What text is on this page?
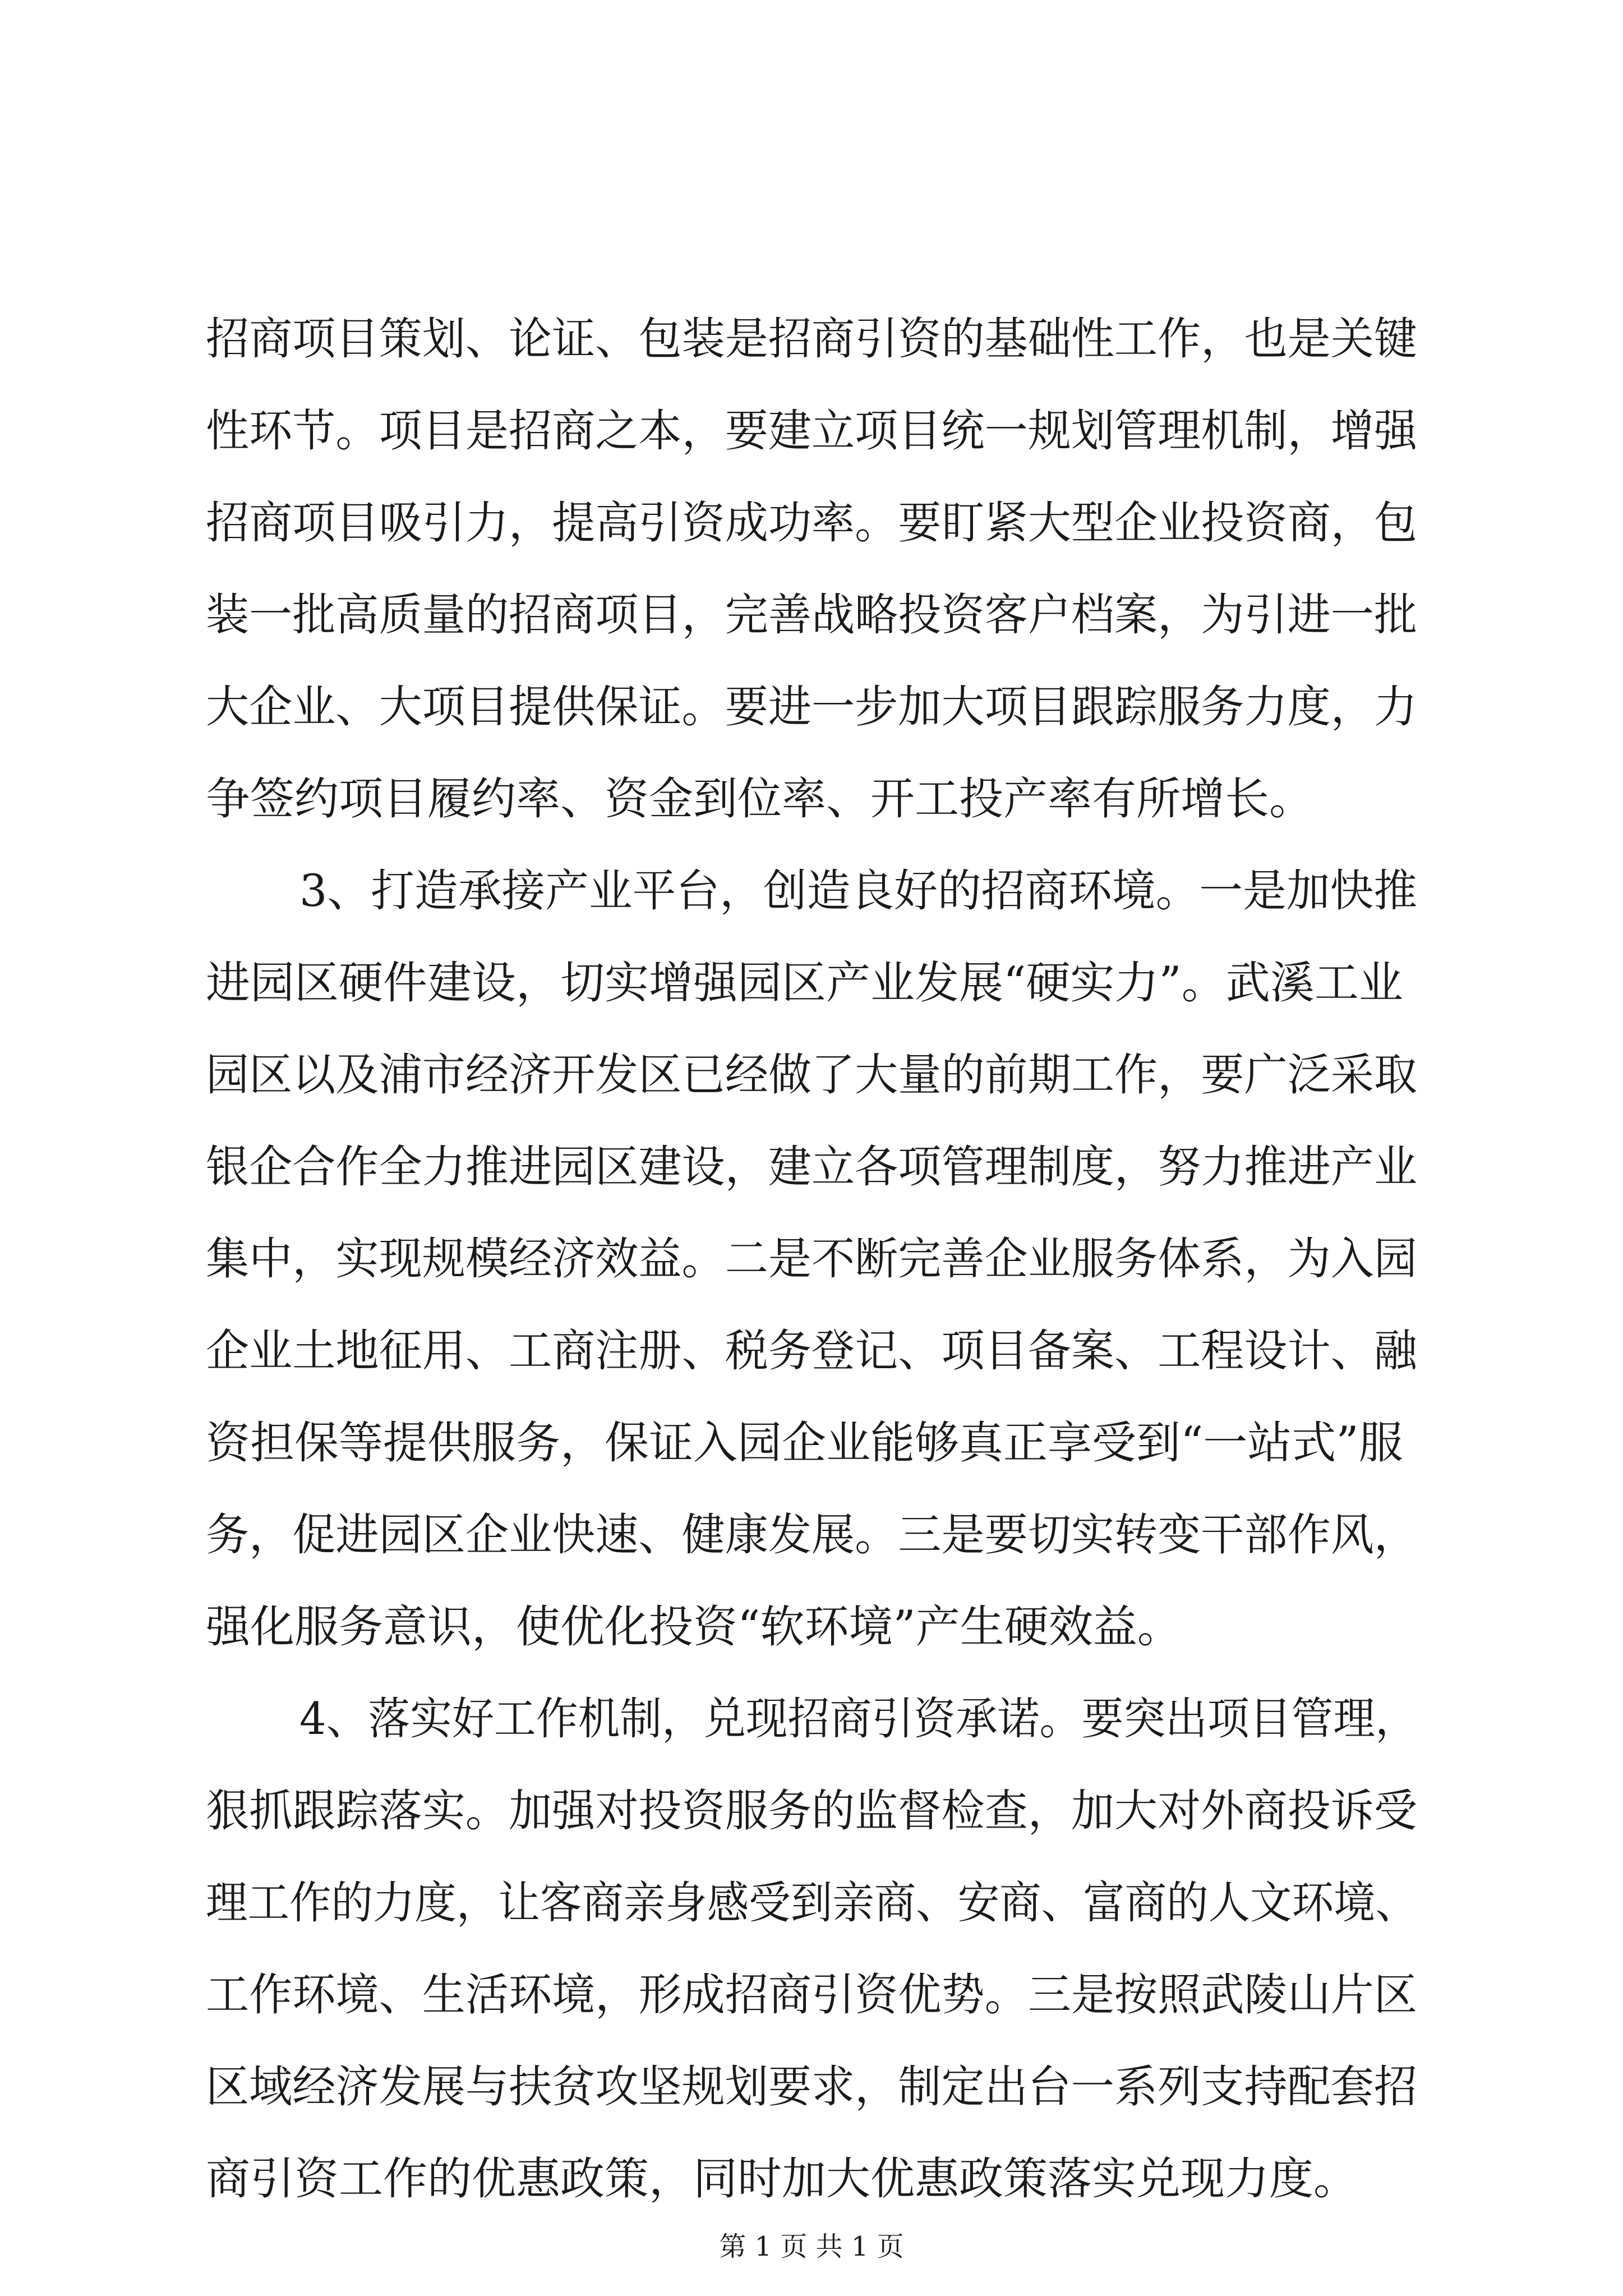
招商项目策划、论证、包装是招商引资的基础性工作，也是关键
性环节。项目是招商之本，要建立项目统一规划管理机制，增强
招商项目吸引力，提高引资成功率。要盯紧大型企业投资商，包
装一批高质量的招商项目，完善战略投资客户档案，为引进一批
大企业、大项目提供保证。要进一步加大项目跟踪服务力度，力
争签约项目履约率、资金到位率、开工投产率有所增长。
3、打造承接产业平台，创造良好的招商环境。一是加快推
进园区硬件建设，切实增强园区产业发展“硬实力”。武溪工业
园区以及浦市经济开发区已经做了大量的前期工作，要广泛采取
银企合作全力推进园区建设，建立各项管理制度，努力推进产业
集中，实现规模经济效益。二是不断完善企业服务体系，为入园
企业土地征用、工商注册、税务登记、项目备案、工程设计、融
资担保等提供服务，保证入园企业能够真正享受到“一站式”服
务，促进园区企业快速、健康发展。三是要切实转变干部作风，
强化服务意识，使优化投资“软环境”产生硬效益。
4、落实好工作机制，兑现招商引资承诺。要突出项目管理，
狠抓跟踪落实。加强对投资服务的监督检查，加大对外商投诉受
理工作的力度，让客商亲身感受到亲商、安商、富商的人文环境、
工作环境、生活环境，形成招商引资优势。三是按照武陵山片区
区域经济发展与扶贫攻坚规划要求，制定出台一系列支持配套招
商引资工作的优惠政策，同时加大优惠政策落实兑现力度。
第 1 页 共 1 页
